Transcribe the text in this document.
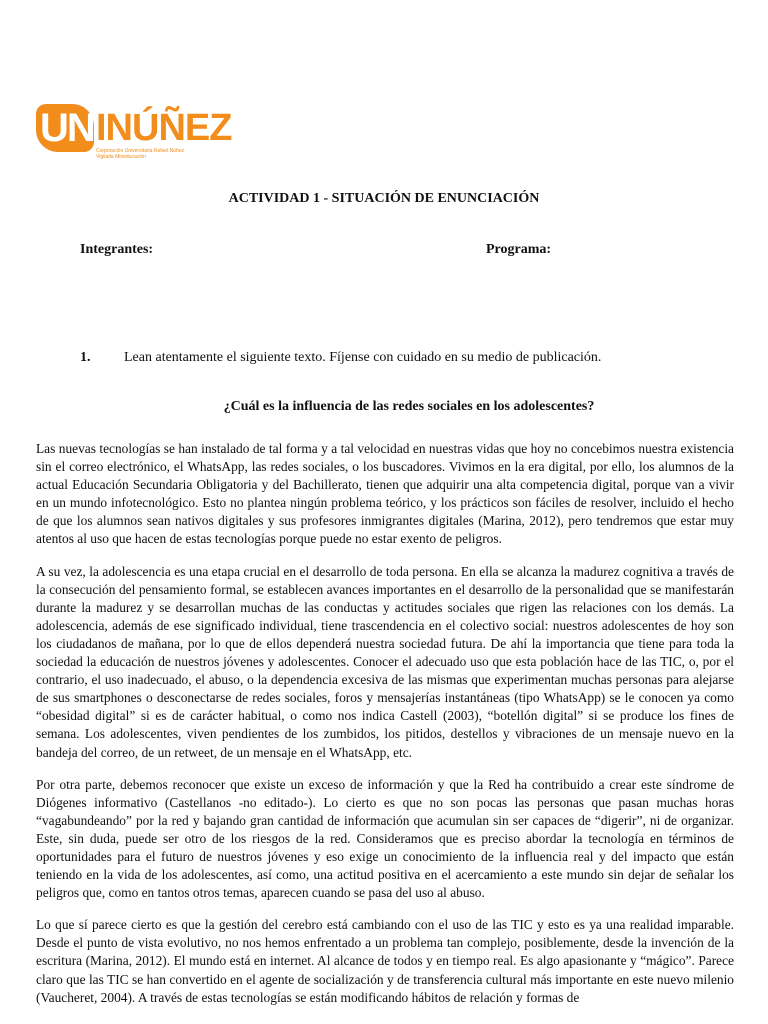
UN INÚÑEZ
Corporación Universitaria Rafael Núñez
Vigilada Mineducación
ACTIVIDAD 1 - SITUACIÓN DE ENUNCIACIÓN
Integrantes:	Programa:
1. Lean atentamente el siguiente texto. Fíjense con cuidado en su medio de publicación.
¿Cuál es la influencia de las redes sociales en los adolescentes?

Las nuevas tecnologías se han instalado de tal forma y a tal velocidad en nuestras vidas que hoy no concebimos nuestra existencia sin el correo electrónico, el WhatsApp, las redes sociales, o los buscadores. Vivimos en la era digital, por ello, los alumnos de la actual Educación Secundaria Obligatoria y del Bachillerato, tienen que adquirir una alta competencia digital, porque van a vivir en un mundo infotecnológico. Esto no plantea ningún problema teórico, y los prácticos son fáciles de resolver, incluido el hecho de que los alumnos sean nativos digitales y sus profesores inmigrantes digitales (Marina, 2012), pero tendremos que estar muy atentos al uso que hacen de estas tecnologías porque puede no estar exento de peligros.

A su vez, la adolescencia es una etapa crucial en el desarrollo de toda persona. En ella se alcanza la madurez cognitiva a través de la consecución del pensamiento formal, se establecen avances importantes en el desarrollo de la personalidad que se manifestarán durante la madurez y se desarrollan muchas de las conductas y actitudes sociales que rigen las relaciones con los demás. La adolescencia, además de ese significado individual, tiene trascendencia en el colectivo social: nuestros adolescentes de hoy son los ciudadanos de mañana, por lo que de ellos dependerá nuestra sociedad futura. De ahí la importancia que tiene para toda la sociedad la educación de nuestros jóvenes y adolescentes. Conocer el adecuado uso que esta población hace de las TIC, o, por el contrario, el uso inadecuado, el abuso, o la dependencia excesiva de las mismas que experimentan muchas personas para alejarse de sus smartphones o desconectarse de redes sociales, foros y mensajerías instantáneas (tipo WhatsApp) se le conocen ya como “obesidad digital” si es de carácter habitual, o como nos indica Castell (2003), “botellón digital” si se produce los fines de semana. Los adolescentes, viven pendientes de los zumbidos, los pitidos, destellos y vibraciones de un mensaje nuevo en la bandeja del correo, de un retweet, de un mensaje en el WhatsApp, etc.

Por otra parte, debemos reconocer que existe un exceso de información y que la Red ha contribuido a crear este síndrome de Diógenes informativo (Castellanos -no editado-). Lo cierto es que no son pocas las personas que pasan muchas horas “vagabundeando” por la red y bajando gran cantidad de información que acumulan sin ser capaces de “digerir”, ni de organizar. Este, sin duda, puede ser otro de los riesgos de la red. Consideramos que es preciso abordar la tecnología en términos de oportunidades para el futuro de nuestros jóvenes y eso exige un conocimiento de la influencia real y del impacto que están teniendo en la vida de los adolescentes, así como, una actitud positiva en el acercamiento a este mundo sin dejar de señalar los peligros que, como en tantos otros temas, aparecen cuando se pasa del uso al abuso.

Lo que sí parece cierto es que la gestión del cerebro está cambiando con el uso de las TIC y esto es ya una realidad imparable. Desde el punto de vista evolutivo, no nos hemos enfrentado a un problema tan complejo, posiblemente, desde la invención de la escritura (Marina, 2012). El mundo está en internet. Al alcance de todos y en tiempo real. Es algo apasionante y “mágico”. Parece claro que las TIC se han convertido en el agente de socialización y de transferencia cultural más importante en este nuevo milenio (Vaucheret, 2004). A través de estas tecnologías se están modificando hábitos de relación y formas de
